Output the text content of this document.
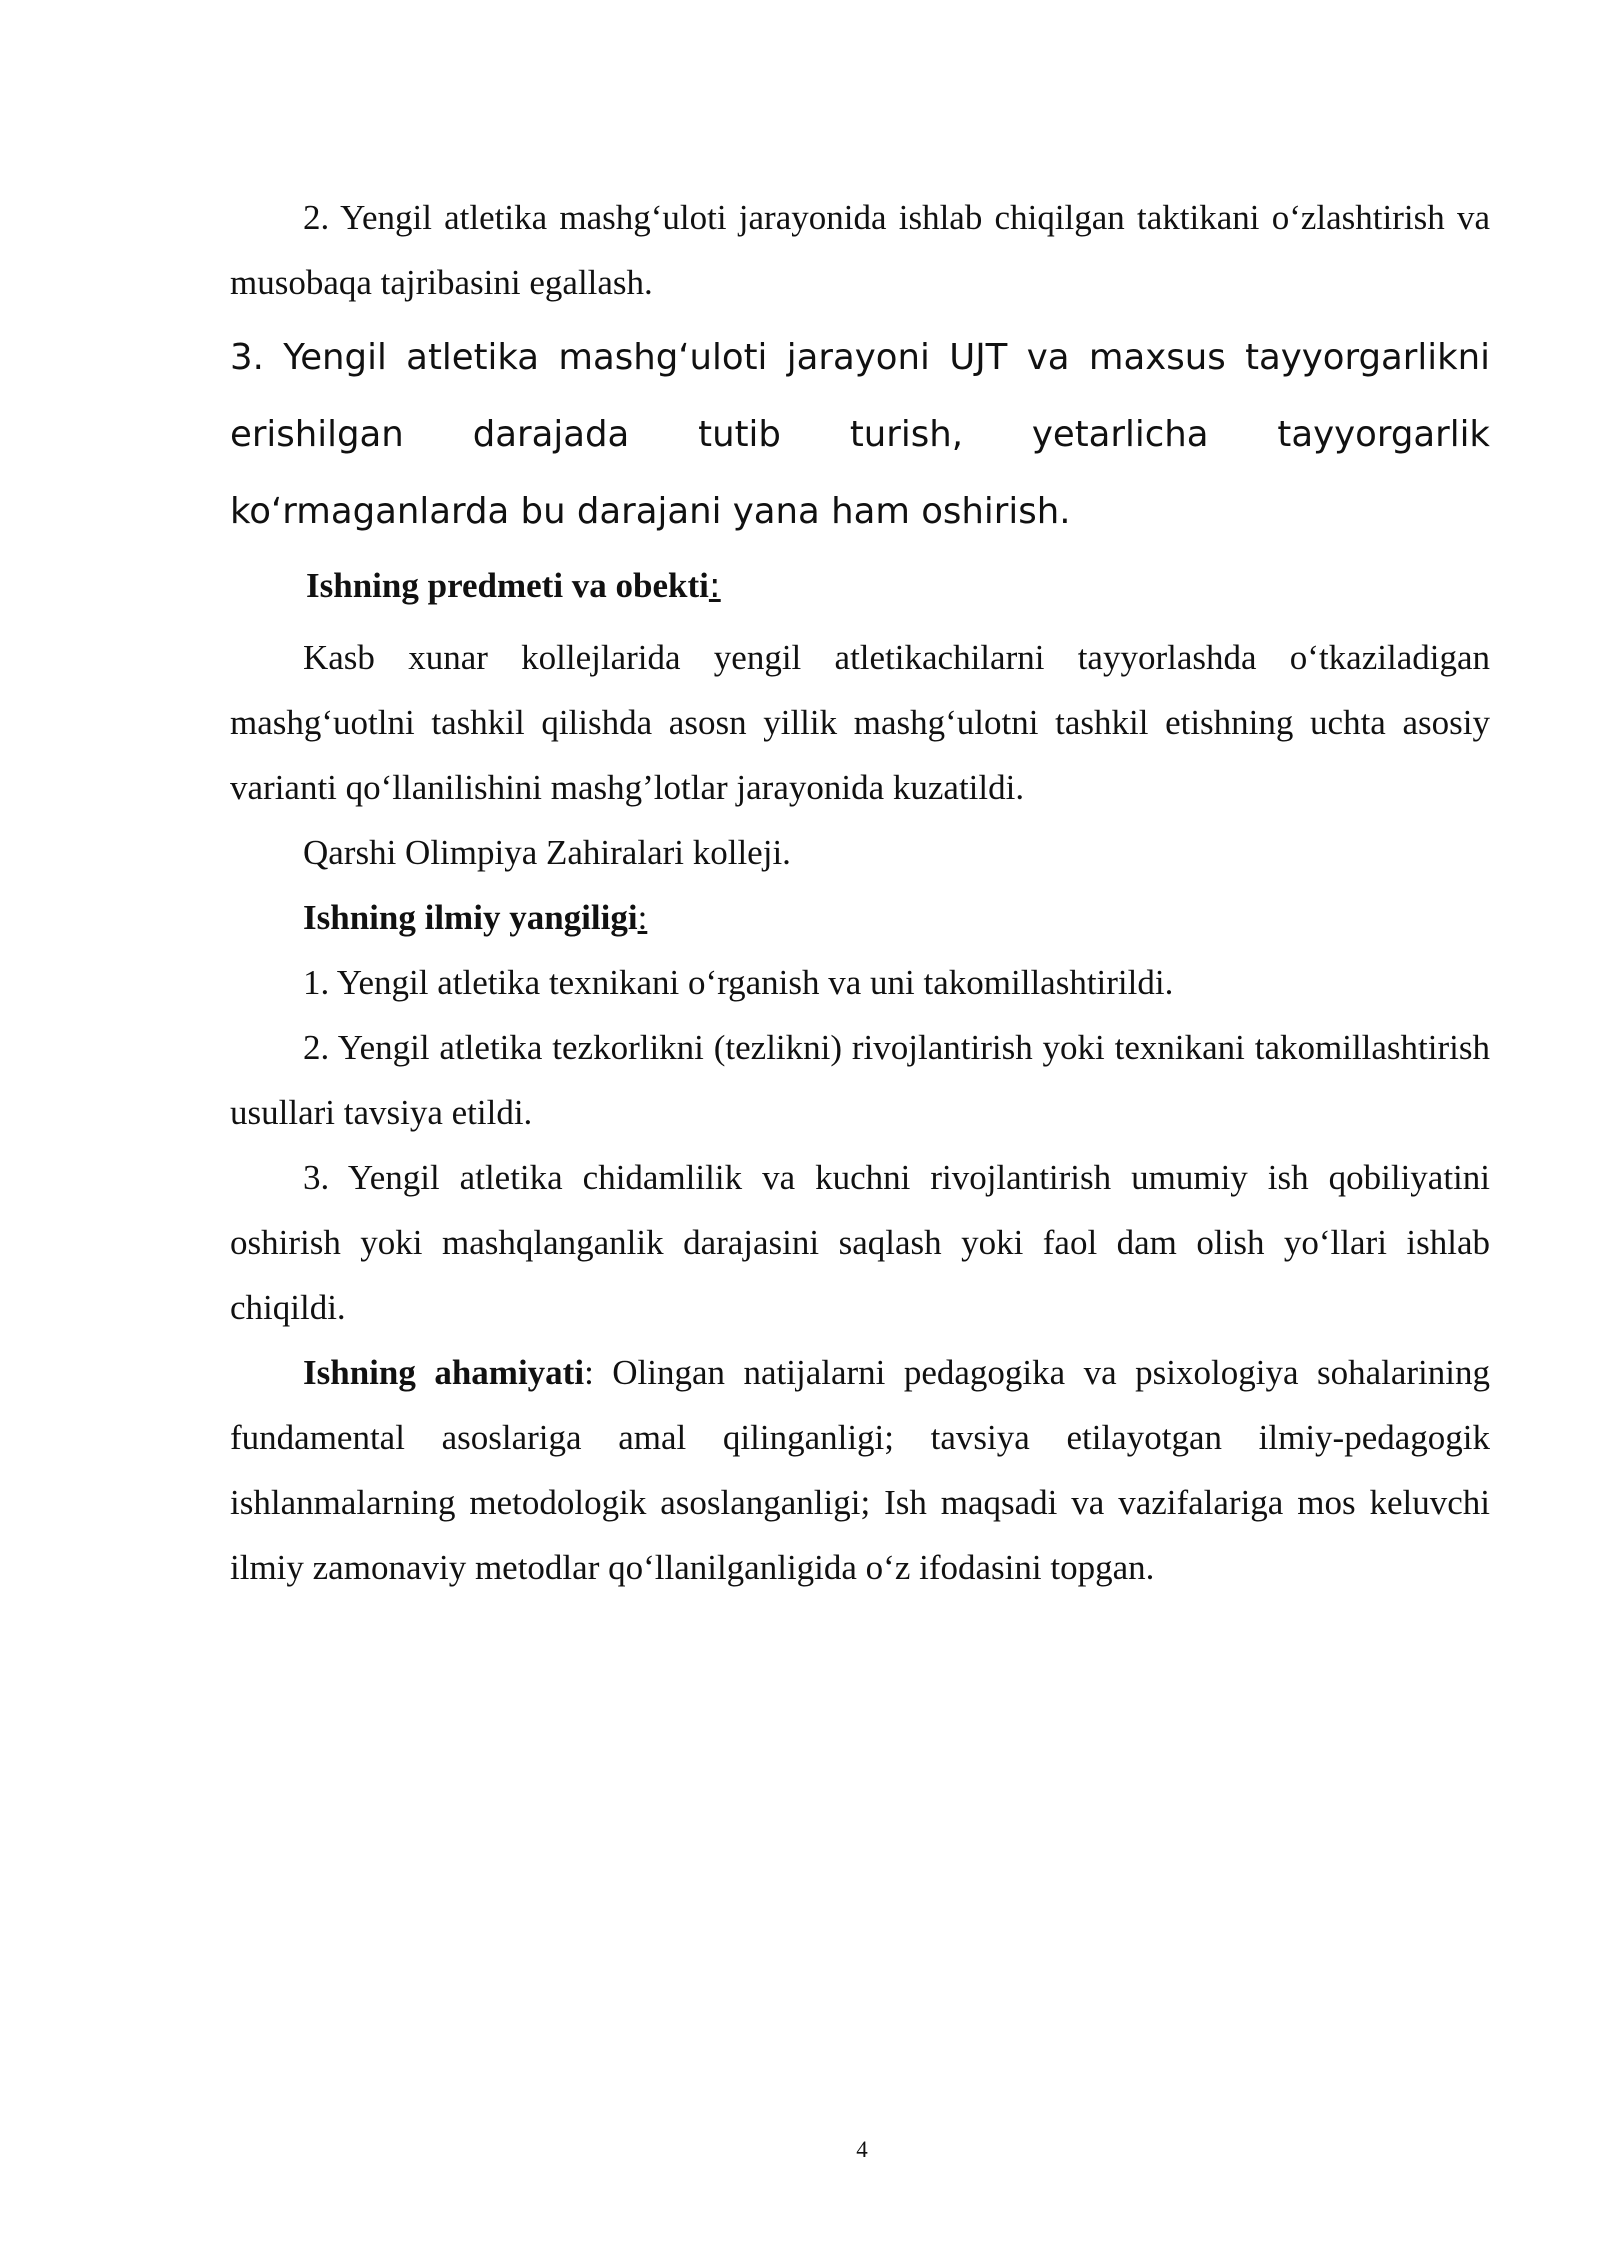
2. Yengil atletika mashg‘uloti jarayonida ishlab chiqilgan taktikani o‘zlashtirish va musobaqa tajribasini egallash.

3. Yengil atletika mashg‘uloti jarayoni UJT va maxsus tayyorgarlikni erishilgan darajada tutib turish, yetarlicha tayyorgarlik ko‘rmaganlarda bu darajani yana ham oshirish.

Ishning predmeti va obekti:

Kasb xunar kollejlarida yengil atletikachilarni tayyorlashda o‘tkaziladigan mashg‘uotlni tashkil qilishda asosn yillik mashg‘ulotni tashkil etishning uchta asosiy varianti qo‘llanilishini mashg’lotlar jarayonida kuzatildi.

Qarshi Olimpiya Zahiralari kolleji.

Ishning ilmiy yangiligi:

1. Yengil atletika texnikani o‘rganish va uni takomillashtirildi.

2. Yengil atletika tezkorlikni (tezlikni) rivojlantirish yoki texnikani takomillashtirish usullari tavsiya etildi.

3. Yengil atletika chidamlilik va kuchni rivojlantirish umumiy ish qobiliyatini oshirish yoki mashqlanganlik darajasini saqlash yoki faol dam olish yo‘llari ishlab chiqildi.

Ishning ahamiyati: Olingan natijalarni pedagogika va psixologiya sohalarining fundamental asoslariga amal qilinganligi; tavsiya etilayotgan ilmiy-pedagogik ishlanmalarning metodologik asoslanganligi; Ish maqsadi va vazifalariga mos keluvchi ilmiy zamonaviy metodlar qo‘llanilganligida o‘z ifodasini topgan.

4
